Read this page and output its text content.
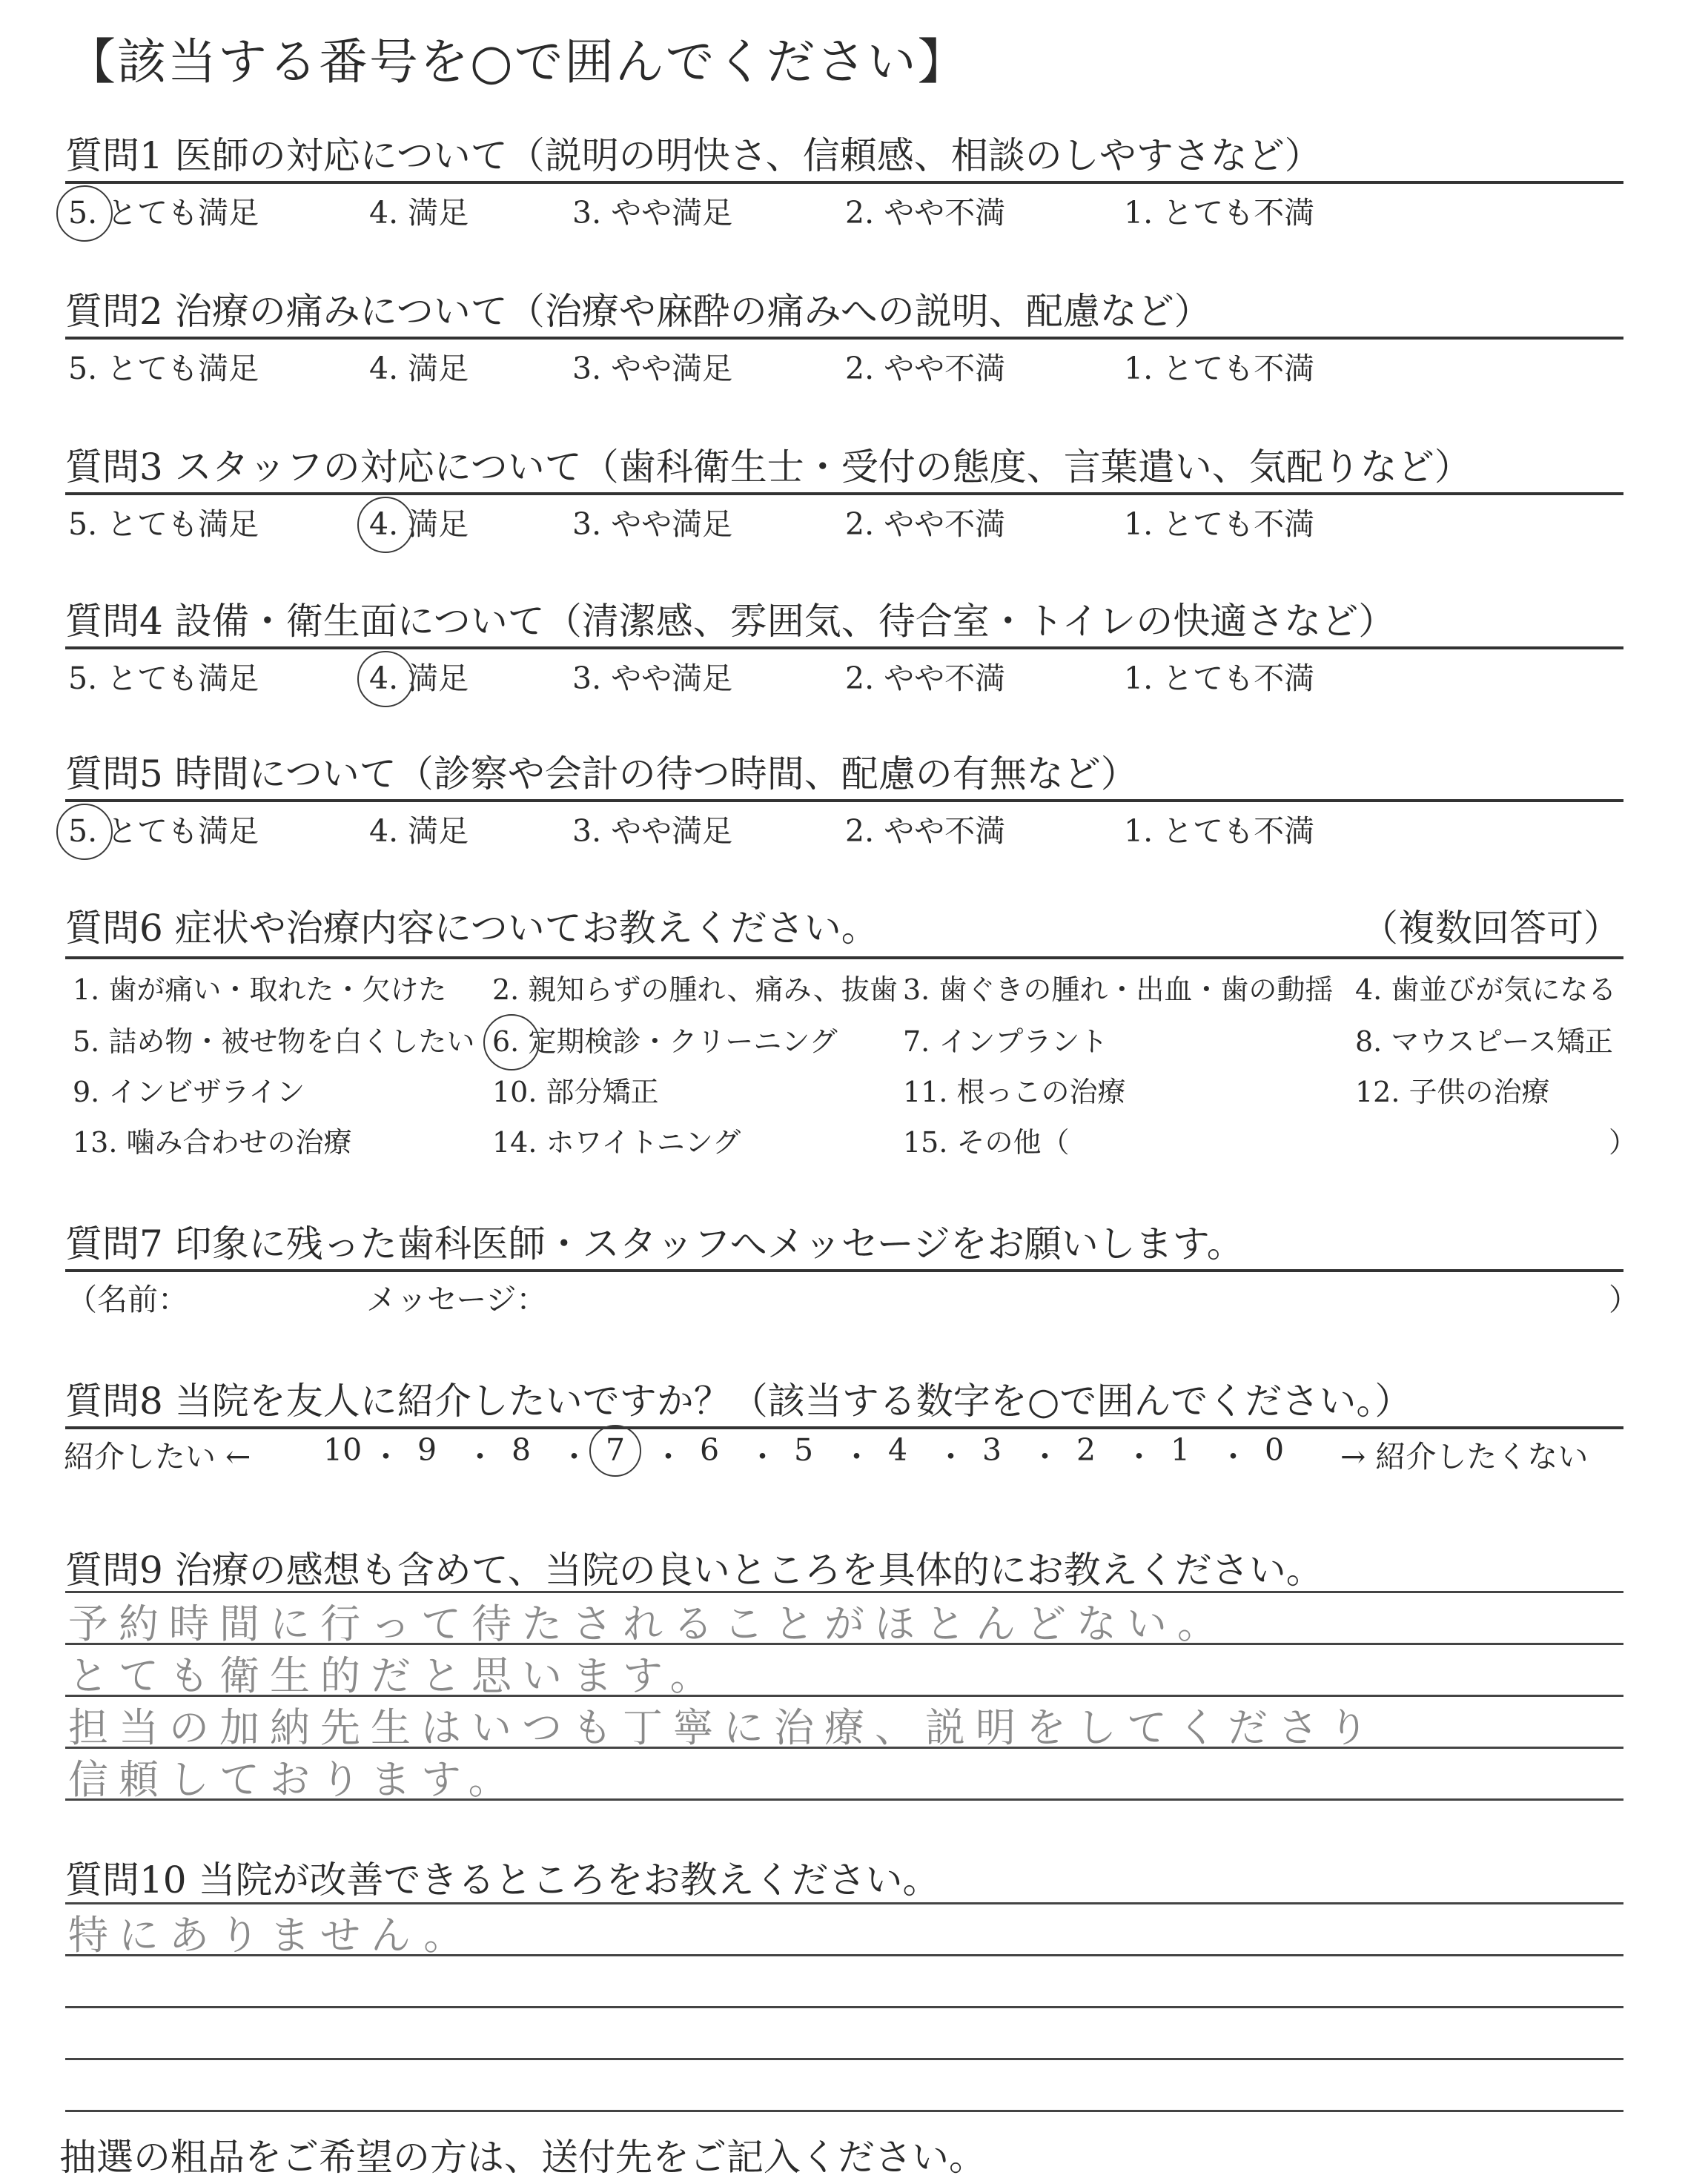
【該当する番号を○で囲んでください】
質問1 医師の対応について（説明の明快さ、信頼感、相談のしやすさなど）
5. とても満足	4. 満足	3. やや満足	2. やや不満	1. とても不満
質問2 治療の痛みについて（治療や麻酔の痛みへの説明、配慮など）
5. とても満足	4. 満足	3. やや満足	2. やや不満	1. とても不満
質問3 スタッフの対応について（歯科衛生士・受付の態度、言葉遣い、気配りなど）
5. とても満足	4. 満足	3. やや満足	2. やや不満	1. とても不満
質問4 設備・衛生面について（清潔感、雰囲気、待合室・トイレの快適さなど）
5. とても満足	4. 満足	3. やや満足	2. やや不満	1. とても不満
質問5 時間について（診察や会計の待つ時間、配慮の有無など）
5. とても満足	4. 満足	3. やや満足	2. やや不満	1. とても不満
質問6 症状や治療内容についてお教えください。	（複数回答可）
1. 歯が痛い・取れた・欠けた 2. 親知らずの腫れ、痛み、抜歯 3. 歯ぐきの腫れ・出血・歯の動揺 4. 歯並びが気になる
5. 詰め物・被せ物を白くしたい 6. 定期検診・クリーニング 7. インプラント	8. マウスピース矯正
9. インビザライン	10. 部分矯正	11. 根っこの治療	12. 子供の治療
13. 噛み合わせの治療	14. ホワイトニング	15. その他（	）
質問7 印象に残った歯科医師・スタッフへメッセージをお願いします。
（名前：	メッセージ：	）
質問8 当院を友人に紹介したいですか？（該当する数字を○で囲んでください。）
紹介したい ←	→ 紹介したくない
10 ・ 9 ・ 8 ・ 7 ・ 6 ・ 5 ・ 4 ・ 3 ・ 2 ・ 1 ・ 0
質問9 治療の感想も含めて、当院の良いところを具体的にお教えください。
予約時間に行って待たされることがほとんどない。
とても衛生的だと思います。
担当の加納先生はいつも丁寧に治療、説明をしてくださり
信頼しております。
質問10 当院が改善できるところをお教えください。
特にありません。
抽選の粗品をご希望の方は、送付先をご記入ください。
